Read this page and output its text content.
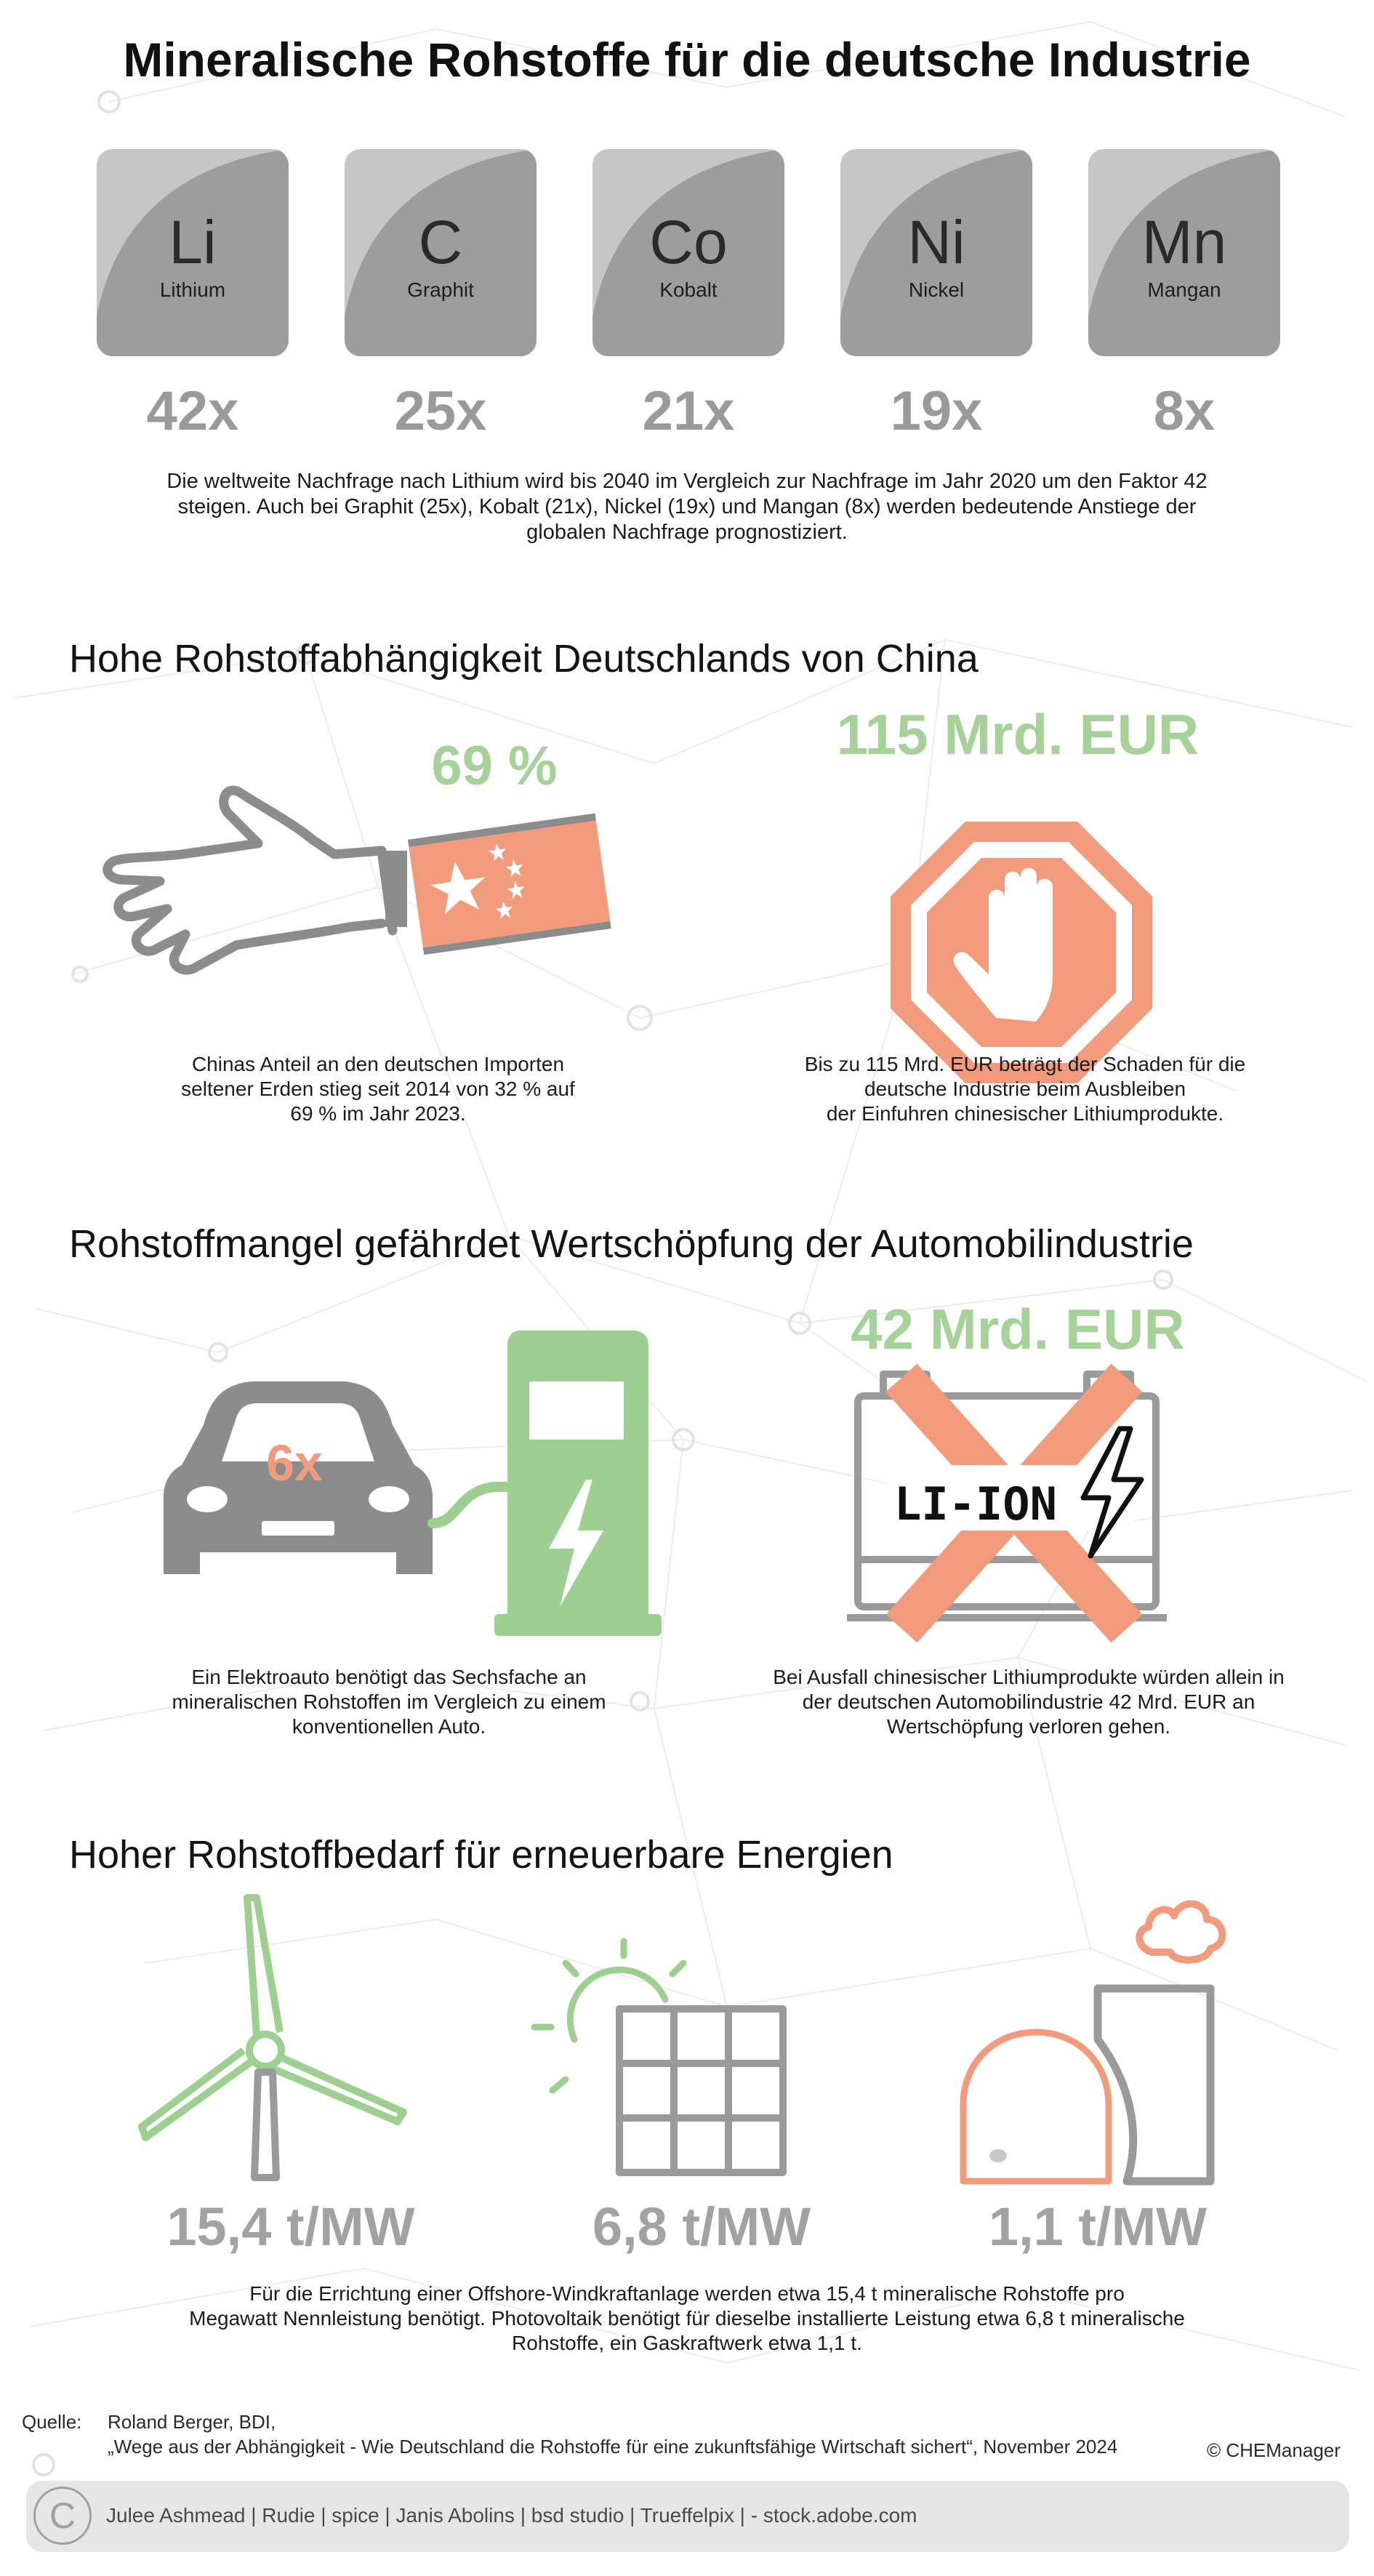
Mineralische Rohstoffe für die deutsche Industrie
Li
Lithium
C
Graphit
Co
Kobalt
Ni
Nickel
Mn
Mangan
42x	25x	21x	19x	8x
Die weltweite Nachfrage nach Lithium wird bis 2040 im Vergleich zur Nachfrage im Jahr 2020 um den Faktor 42
steigen. Auch bei Graphit (25x), Kobalt (21x), Nickel (19x) und Mangan (8x) werden bedeutende Anstiege der
globalen Nachfrage prognostiziert.
Hohe Rohstoffabhängigkeit Deutschlands von China
69 %	115 Mrd. EUR
Chinas Anteil an den deutschen Importen
seltener Erden stieg seit 2014 von 32 % auf
69 % im Jahr 2023.
Bis zu 115 Mrd. EUR beträgt der Schaden für die
deutsche Industrie beim Ausbleiben
der Einfuhren chinesischer Lithiumprodukte.
Rohstoffmangel gefährdet Wertschöpfung der Automobilindustrie
42 Mrd. EUR
6x
LI-ION
Ein Elektroauto benötigt das Sechsfache an
mineralischen Rohstoffen im Vergleich zu einem
konventionellen Auto.
Bei Ausfall chinesischer Lithiumprodukte würden allein in
der deutschen Automobilindustrie 42 Mrd. EUR an
Wertschöpfung verloren gehen.
Hoher Rohstoffbedarf für erneuerbare Energien
15,4 t/MW	6,8 t/MW	1,1 t/MW
Für die Errichtung einer Offshore-Windkraftanlage werden etwa 15,4 t mineralische Rohstoffe pro
Megawatt Nennleistung benötigt. Photovoltaik benötigt für dieselbe installierte Leistung etwa 6,8 t mineralische
Rohstoffe, ein Gaskraftwerk etwa 1,1 t.
Quelle: Roland Berger, BDI,
„Wege aus der Abhängigkeit - Wie Deutschland die Rohstoffe für eine zukunftsfähige Wirtschaft sichert“, November 2024	© CHEManager
C	Julee Ashmead | Rudie | spice | Janis Abolins | bsd studio | Trueffelpix | - stock.adobe.com
